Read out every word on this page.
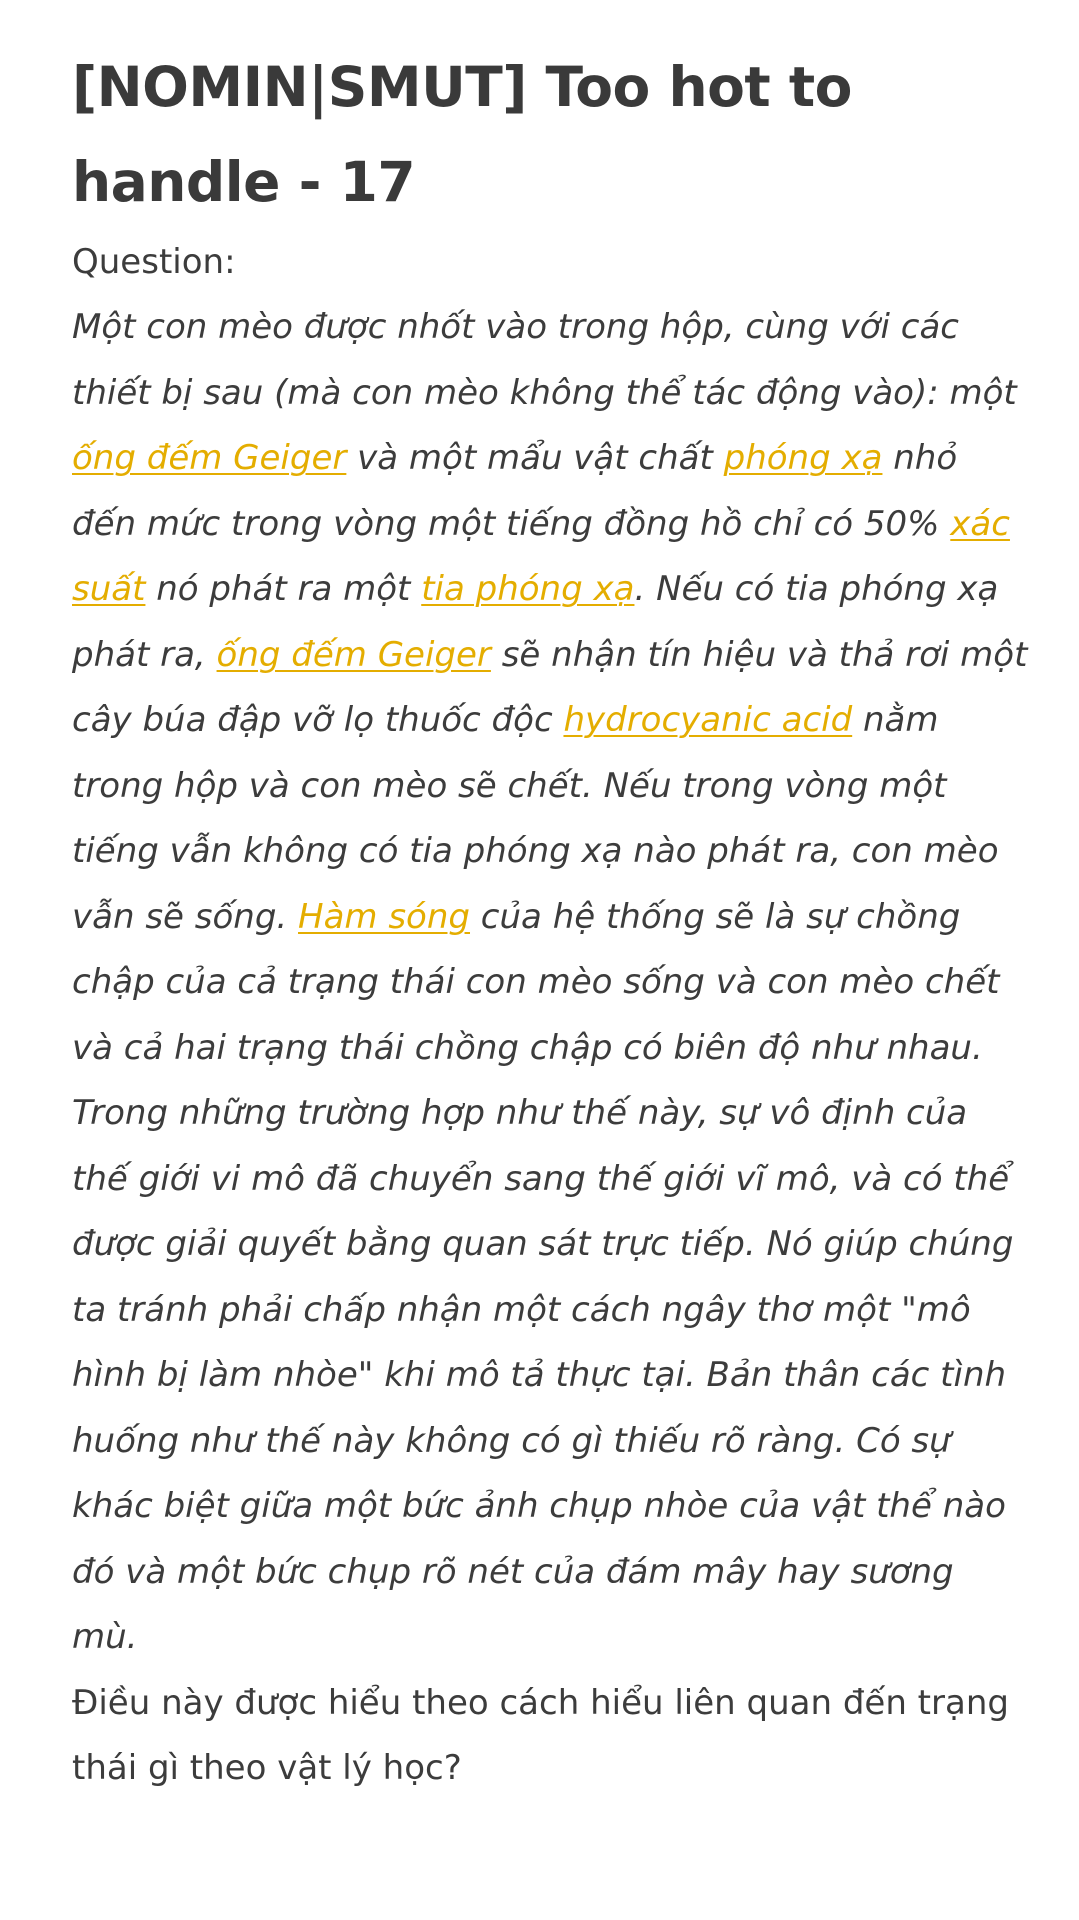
[NOMIN|SMUT] Too hot to handle - 17
Question:

Một con mèo được nhốt vào trong hộp, cùng với các thiết bị sau (mà con mèo không thể tác động vào): một ống đếm Geiger và một mẩu vật chất phóng xạ nhỏ đến mức trong vòng một tiếng đồng hồ chỉ có 50% xác suất nó phát ra một tia phóng xạ. Nếu có tia phóng xạ phát ra, ống đếm Geiger sẽ nhận tín hiệu và thả rơi một cây búa đập vỡ lọ thuốc độc hydrocyanic acid nằm trong hộp và con mèo sẽ chết. Nếu trong vòng một tiếng vẫn không có tia phóng xạ nào phát ra, con mèo vẫn sẽ sống. Hàm sóng của hệ thống sẽ là sự chồng chập của cả trạng thái con mèo sống và con mèo chết và cả hai trạng thái chồng chập có biên độ như nhau.

Trong những trường hợp như thế này, sự vô định của thế giới vi mô đã chuyển sang thế giới vĩ mô, và có thể được giải quyết bằng quan sát trực tiếp. Nó giúp chúng ta tránh phải chấp nhận một cách ngây thơ một "mô hình bị làm nhòe" khi mô tả thực tại. Bản thân các tình huống như thế này không có gì thiếu rõ ràng. Có sự khác biệt giữa một bức ảnh chụp nhòe của vật thể nào đó và một bức chụp rõ nét của đám mây hay sương mù.

Điều này được hiểu theo cách hiểu liên quan đến trạng thái gì theo vật lý học?
